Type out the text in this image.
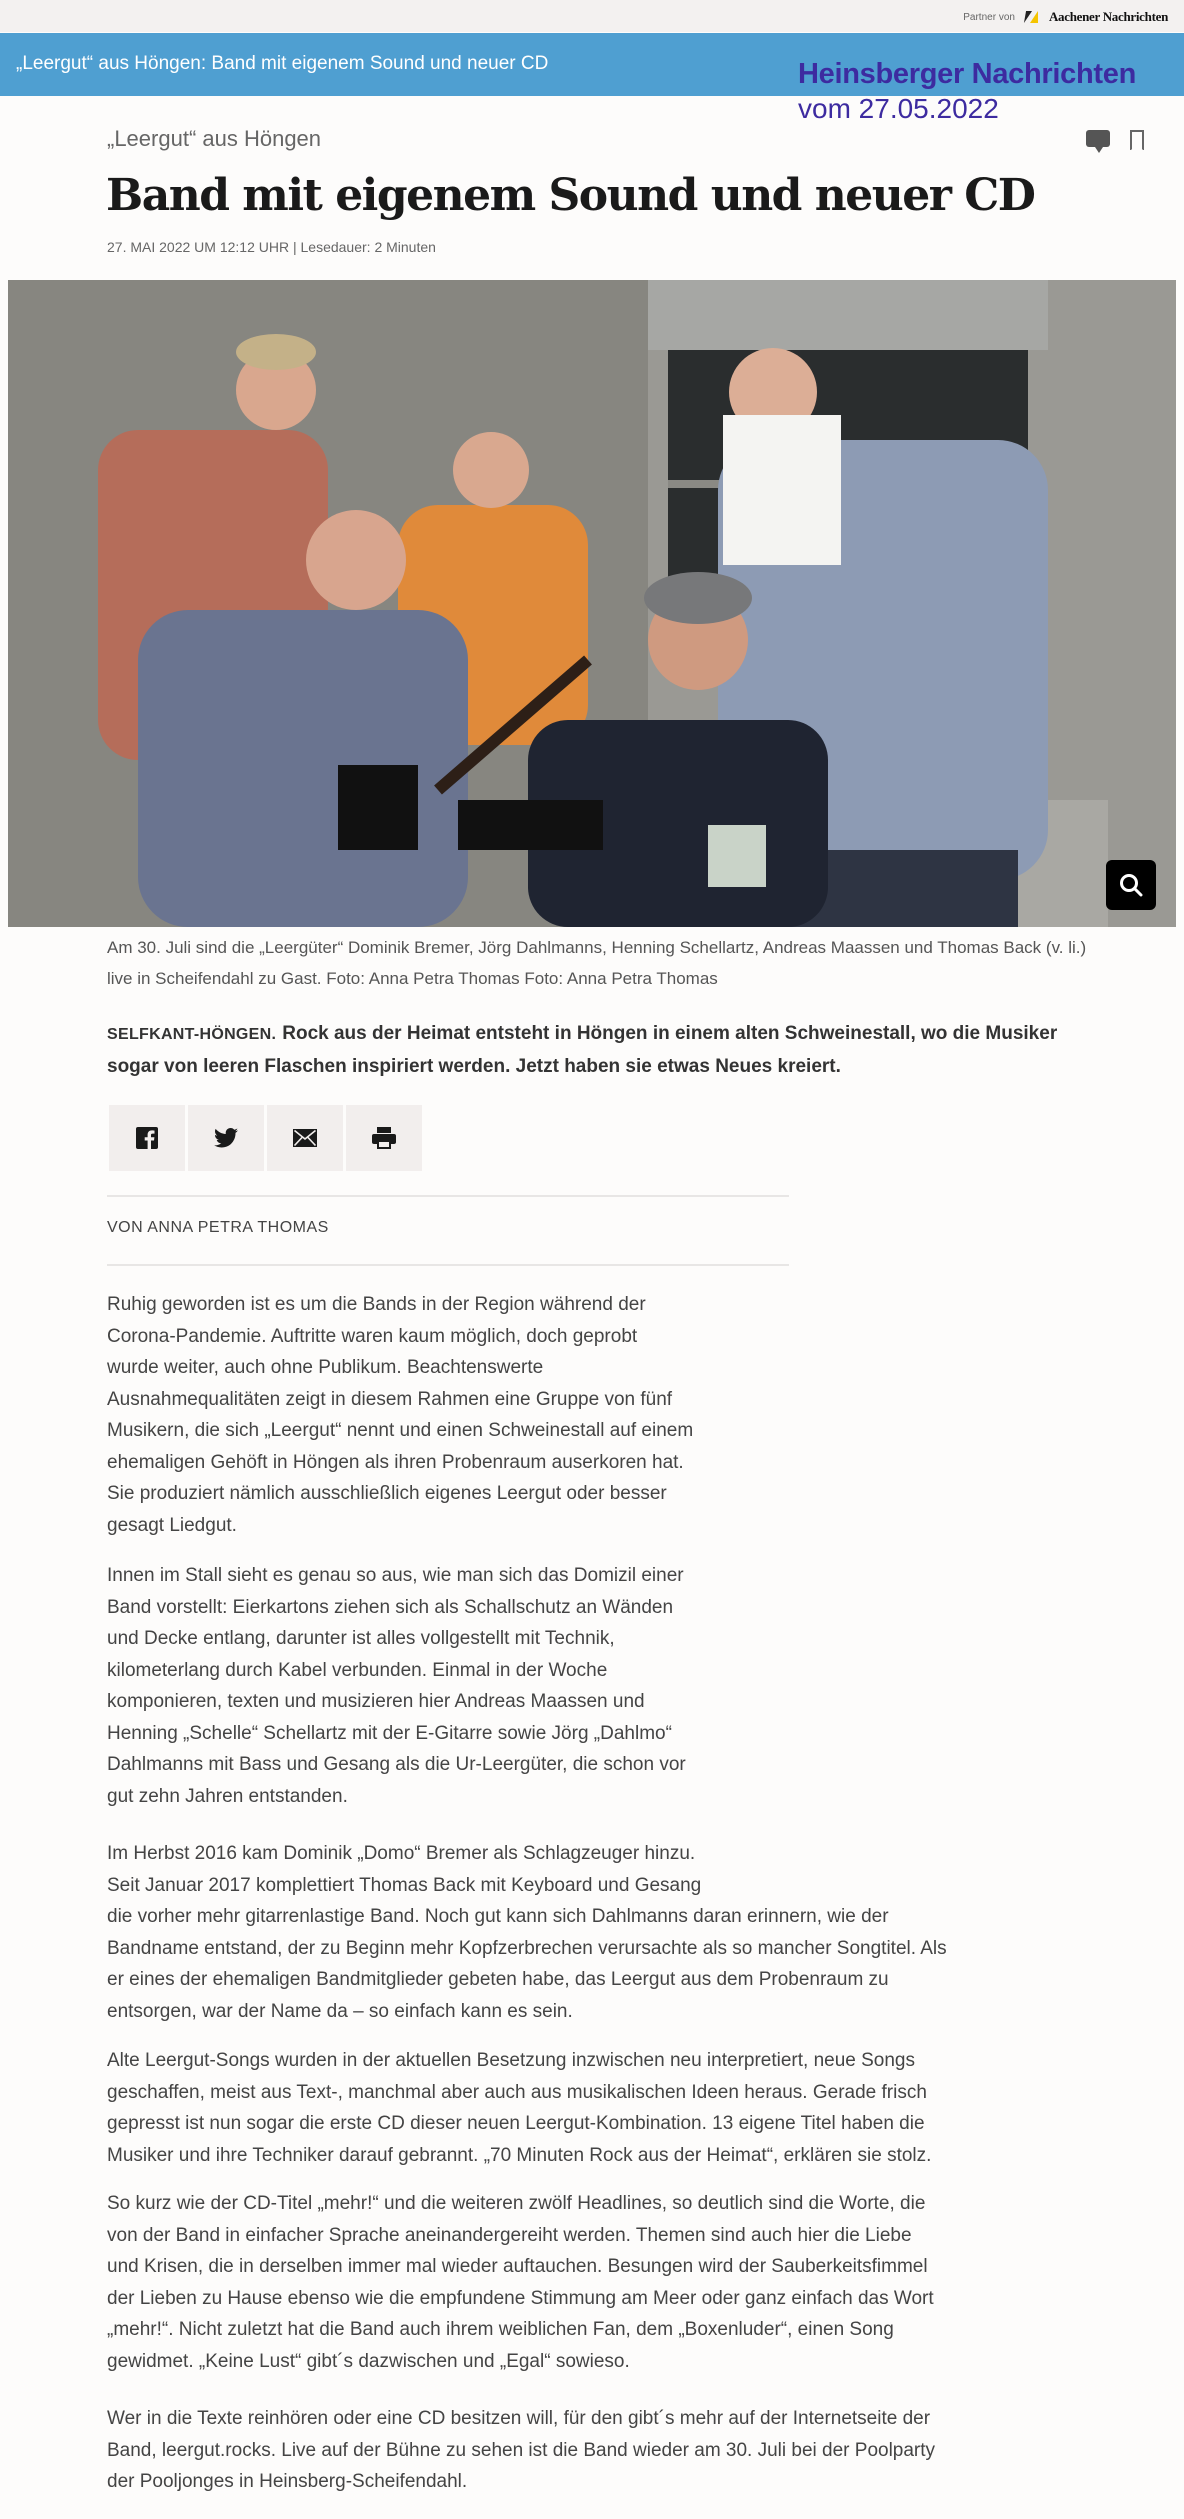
Partner von	Aachener Nachrichten
„Leergut“ aus Höngen: Band mit eigenem Sound und neuer CD	Heinsberger Nachrichten
vom 27.05.2022
„Leergut“ aus Höngen
Band mit eigenem Sound und neuer CD
27. MAI 2022 UM 12:12 UHR | Lesedauer: 2 Minuten
Am 30. Juli sind die „Leergüter“ Dominik Bremer, Jörg Dahlmanns, Henning Schellartz, Andreas Maassen und Thomas Back (v. li.) live in Scheifendahl zu Gast. Foto: Anna Petra Thomas Foto: Anna Petra Thomas
SELFKANT-HÖNGEN. Rock aus der Heimat entsteht in Höngen in einem alten Schweinestall, wo die Musiker sogar von leeren Flaschen inspiriert werden. Jetzt haben sie etwas Neues kreiert.
VON ANNA PETRA THOMAS
Ruhig geworden ist es um die Bands in der Region während der
Corona-Pandemie. Auftritte waren kaum möglich, doch geprobt
wurde weiter, auch ohne Publikum. Beachtenswerte
Ausnahmequalitäten zeigt in diesem Rahmen eine Gruppe von fünf
Musikern, die sich „Leergut“ nennt und einen Schweinestall auf einem
ehemaligen Gehöft in Höngen als ihren Probenraum auserkoren hat.
Sie produziert nämlich ausschließlich eigenes Leergut oder besser
gesagt Liedgut.
Innen im Stall sieht es genau so aus, wie man sich das Domizil einer
Band vorstellt: Eierkartons ziehen sich als Schallschutz an Wänden
und Decke entlang, darunter ist alles vollgestellt mit Technik,
kilometerlang durch Kabel verbunden. Einmal in der Woche
komponieren, texten und musizieren hier Andreas Maassen und
Henning „Schelle“ Schellartz mit der E-Gitarre sowie Jörg „Dahlmo“
Dahlmanns mit Bass und Gesang als die Ur-Leergüter, die schon vor
gut zehn Jahren entstanden.
Im Herbst 2016 kam Dominik „Domo“ Bremer als Schlagzeuger hinzu.
Seit Januar 2017 komplettiert Thomas Back mit Keyboard und Gesang
die vorher mehr gitarrenlastige Band. Noch gut kann sich Dahlmanns daran erinnern, wie der
Bandname entstand, der zu Beginn mehr Kopfzerbrechen verursachte als so mancher Songtitel. Als
er eines der ehemaligen Bandmitglieder gebeten habe, das Leergut aus dem Probenraum zu
entsorgen, war der Name da – so einfach kann es sein.
Alte Leergut-Songs wurden in der aktuellen Besetzung inzwischen neu interpretiert, neue Songs
geschaffen, meist aus Text-, manchmal aber auch aus musikalischen Ideen heraus. Gerade frisch
gepresst ist nun sogar die erste CD dieser neuen Leergut-Kombination. 13 eigene Titel haben die
Musiker und ihre Techniker darauf gebrannt. „70 Minuten Rock aus der Heimat“, erklären sie stolz.
So kurz wie der CD-Titel „mehr!“ und die weiteren zwölf Headlines, so deutlich sind die Worte, die
von der Band in einfacher Sprache aneinandergereiht werden. Themen sind auch hier die Liebe
und Krisen, die in derselben immer mal wieder auftauchen. Besungen wird der Sauberkeitsfimmel
der Lieben zu Hause ebenso wie die empfundene Stimmung am Meer oder ganz einfach das Wort
„mehr!“. Nicht zuletzt hat die Band auch ihrem weiblichen Fan, dem „Boxenluder“, einen Song
gewidmet. „Keine Lust“ gibt´s dazwischen und „Egal“ sowieso.
Wer in die Texte reinhören oder eine CD besitzen will, für den gibt´s mehr auf der Internetseite der
Band, leergut.rocks. Live auf der Bühne zu sehen ist die Band wieder am 30. Juli bei der Poolparty
der Pooljonges in Heinsberg-Scheifendahl.
